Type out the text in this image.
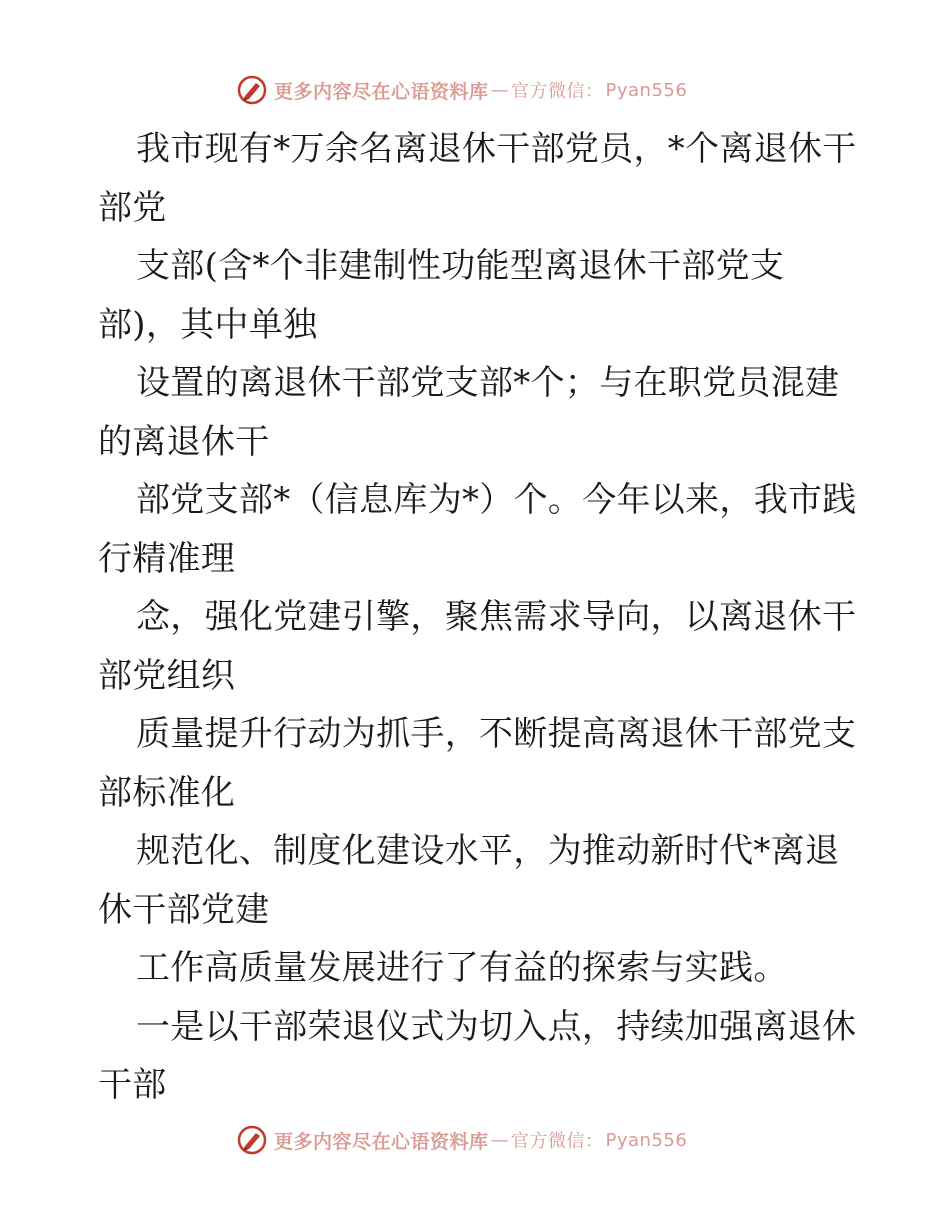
更多内容尽在心语资料库 — 官方微信： Pyan556
我市现有*万余名离退休干部党员，*个离退休干
部党
支部(含*个非建制性功能型离退休干部党支
部)，其中单独
设置的离退休干部党支部*个；与在职党员混建
的离退休干
部党支部*（信息库为*）个。今年以来，我市践
行精准理
念，强化党建引擎，聚焦需求导向，以离退休干
部党组织
质量提升行动为抓手，不断提高离退休干部党支
部标准化
规范化、制度化建设水平，为推动新时代*离退
休干部党建
工作高质量发展进行了有益的探索与实践。
一是以干部荣退仪式为切入点，持续加强离退休
干部
更多内容尽在心语资料库 — 官方微信： Pyan556
